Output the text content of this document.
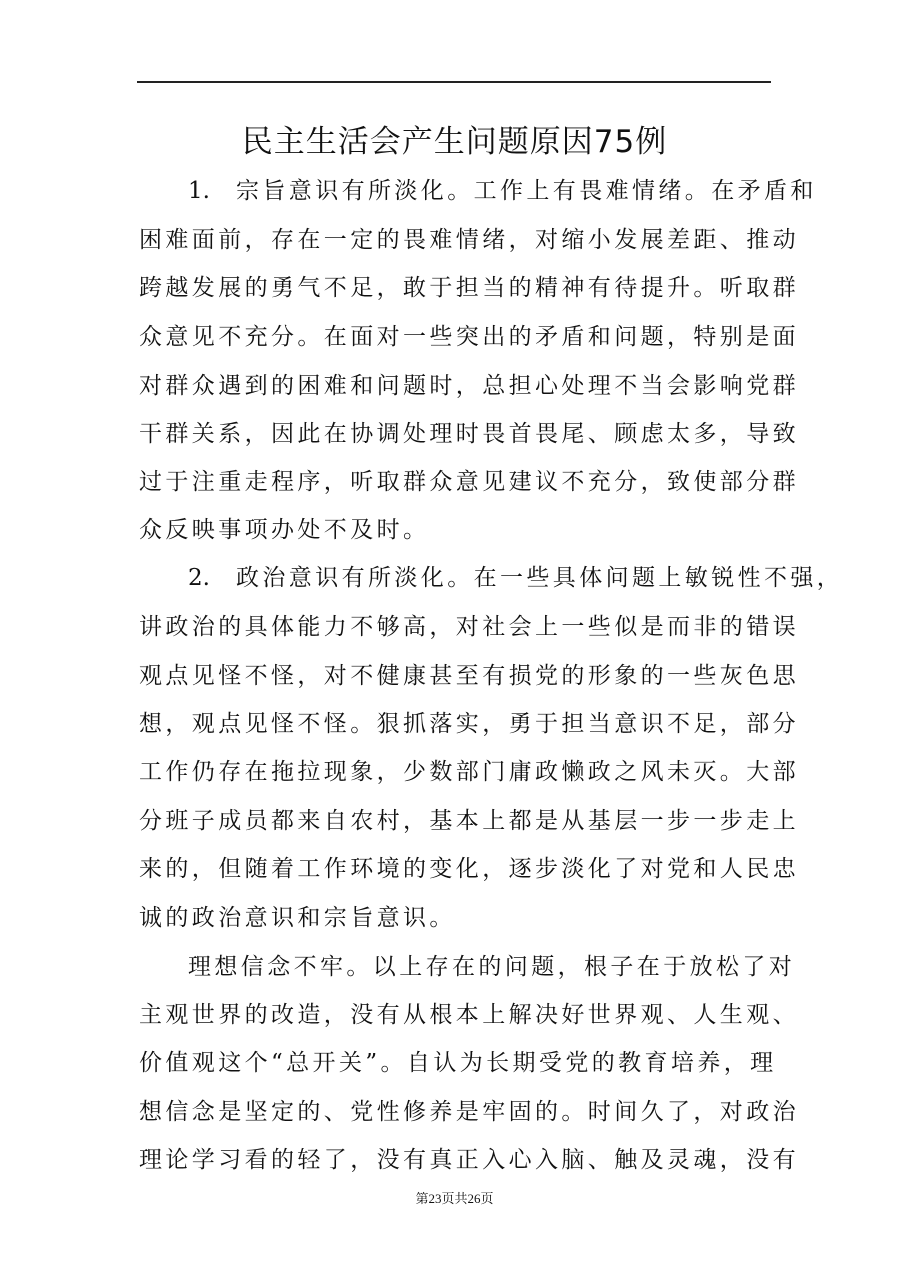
民主生活会产生问题原因75例
1. 宗旨意识有所淡化。工作上有畏难情绪。在矛盾和
困难面前，存在一定的畏难情绪，对缩小发展差距、推动
跨越发展的勇气不足，敢于担当的精神有待提升。听取群
众意见不充分。在面对一些突出的矛盾和问题，特别是面
对群众遇到的困难和问题时，总担心处理不当会影响党群
干群关系，因此在协调处理时畏首畏尾、顾虑太多，导致
过于注重走程序，听取群众意见建议不充分，致使部分群
众反映事项办处不及时。
2. 政治意识有所淡化。在一些具体问题上敏锐性不强，
讲政治的具体能力不够高，对社会上一些似是而非的错误
观点见怪不怪，对不健康甚至有损党的形象的一些灰色思
想，观点见怪不怪。狠抓落实，勇于担当意识不足，部分
工作仍存在拖拉现象，少数部门庸政懒政之风未灭。大部
分班子成员都来自农村，基本上都是从基层一步一步走上
来的，但随着工作环境的变化，逐步淡化了对党和人民忠
诚的政治意识和宗旨意识。
理想信念不牢。以上存在的问题，根子在于放松了对
主观世界的改造，没有从根本上解决好世界观、人生观、
价值观这个“总开关”。自认为长期受党的教育培养，理
想信念是坚定的、党性修养是牢固的。时间久了，对政治
理论学习看的轻了，没有真正入心入脑、触及灵魂，没有
第23页共26页
